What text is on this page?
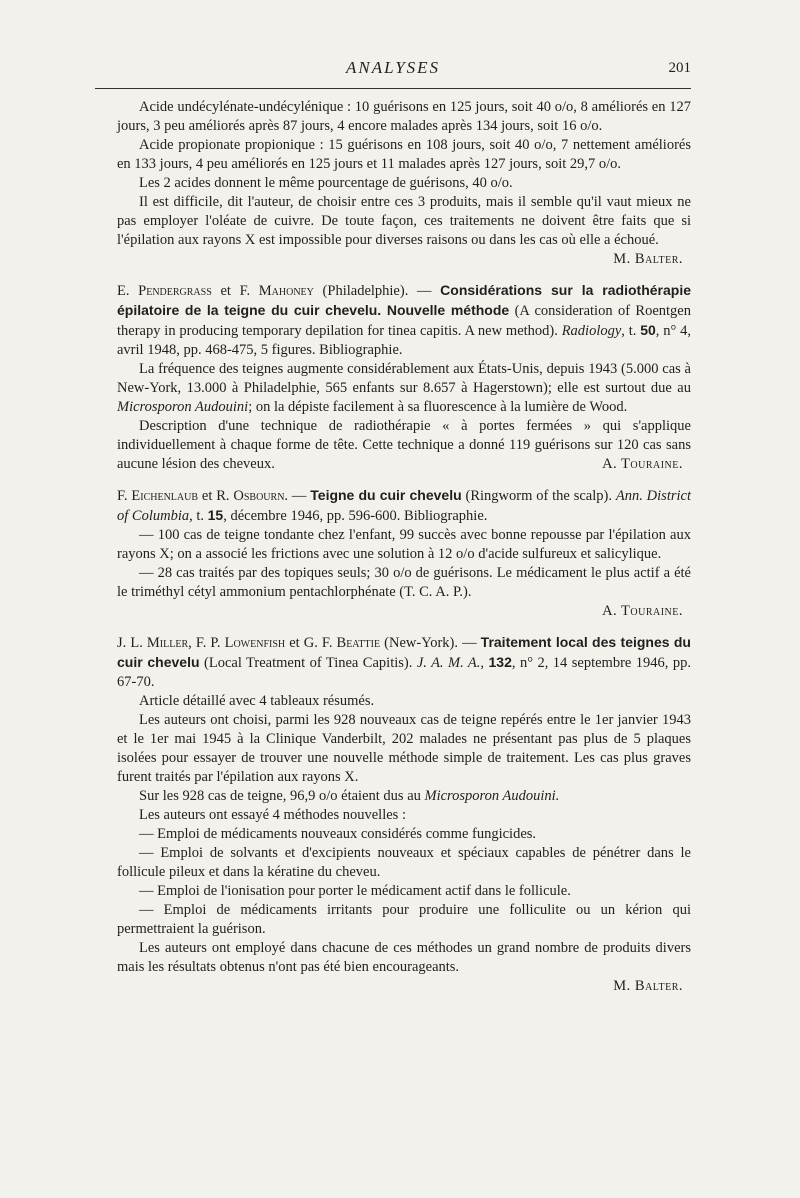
ANALYSES	201

Acide undécylénate-undécylénique : 10 guérisons en 125 jours, soit 40 o/o, 8 améliorés en 127 jours, 3 peu améliorés après 87 jours, 4 encore malades après 134 jours, soit 16 o/o.

Acide propionate propionique : 15 guérisons en 108 jours, soit 40 o/o, 7 nettement améliorés en 133 jours, 4 peu améliorés en 125 jours et 11 malades après 127 jours, soit 29,7 o/o.

Les 2 acides donnent le même pourcentage de guérisons, 40 o/o.

Il est difficile, dit l'auteur, de choisir entre ces 3 produits, mais il semble qu'il vaut mieux ne pas employer l'oléate de cuivre. De toute façon, ces traitements ne doivent être faits que si l'épilation aux rayons X est impossible pour diverses raisons ou dans les cas où elle a échoué.

M. Balter.

E. Pendergrass et F. Mahoney (Philadelphie). — Considérations sur la radiothérapie épilatoire de la teigne du cuir chevelu. Nouvelle méthode (A consideration of Roentgen therapy in producing temporary depilation for tinea capitis. A new method). Radiology, t. 50, n° 4, avril 1948, pp. 468-475, 5 figures. Bibliographie.

La fréquence des teignes augmente considérablement aux États-Unis, depuis 1943 (5.000 cas à New-York, 13.000 à Philadelphie, 565 enfants sur 8.657 à Hagerstown); elle est surtout due au Microsporon Audouini; on la dépiste facilement à sa fluorescence à la lumière de Wood.

Description d'une technique de radiothérapie « à portes fermées » qui s'applique individuellement à chaque forme de tête. Cette technique a donné 119 guérisons sur 120 cas sans aucune lésion des cheveux.	A. Touraine.

F. Eichenlaub et R. Osbourn. — Teigne du cuir chevelu (Ringworm of the scalp). Ann. District of Columbia, t. 15, décembre 1946, pp. 596-600. Bibliographie.

— 100 cas de teigne tondante chez l'enfant, 99 succès avec bonne repousse par l'épilation aux rayons X; on a associé les frictions avec une solution à 12 o/o d'acide sulfureux et salicylique.

— 28 cas traités par des topiques seuls; 30 o/o de guérisons. Le médicament le plus actif a été le triméthyl cétyl ammonium pentachlorphénate (T. C. A. P.).

A. Touraine.

J. L. Miller, F. P. Lowenfish et G. F. Beattie (New-York). — Traitement local des teignes du cuir chevelu (Local Treatment of Tinea Capitis). J. A. M. A., 132, n° 2, 14 septembre 1946, pp. 67-70.

Article détaillé avec 4 tableaux résumés.

Les auteurs ont choisi, parmi les 928 nouveaux cas de teigne repérés entre le 1er janvier 1943 et le 1er mai 1945 à la Clinique Vanderbilt, 202 malades ne présentant pas plus de 5 plaques isolées pour essayer de trouver une nouvelle méthode simple de traitement. Les cas plus graves furent traités par l'épilation aux rayons X.

Sur les 928 cas de teigne, 96,9 o/o étaient dus au Microsporon Audouini.

Les auteurs ont essayé 4 méthodes nouvelles :

— Emploi de médicaments nouveaux considérés comme fungicides.

— Emploi de solvants et d'excipients nouveaux et spéciaux capables de pénétrer dans le follicule pileux et dans la kératine du cheveu.

— Emploi de l'ionisation pour porter le médicament actif dans le follicule.

— Emploi de médicaments irritants pour produire une folliculite ou un kérion qui permettraient la guérison.

Les auteurs ont employé dans chacune de ces méthodes un grand nombre de produits divers mais les résultats obtenus n'ont pas été bien encourageants.

M. Balter.
